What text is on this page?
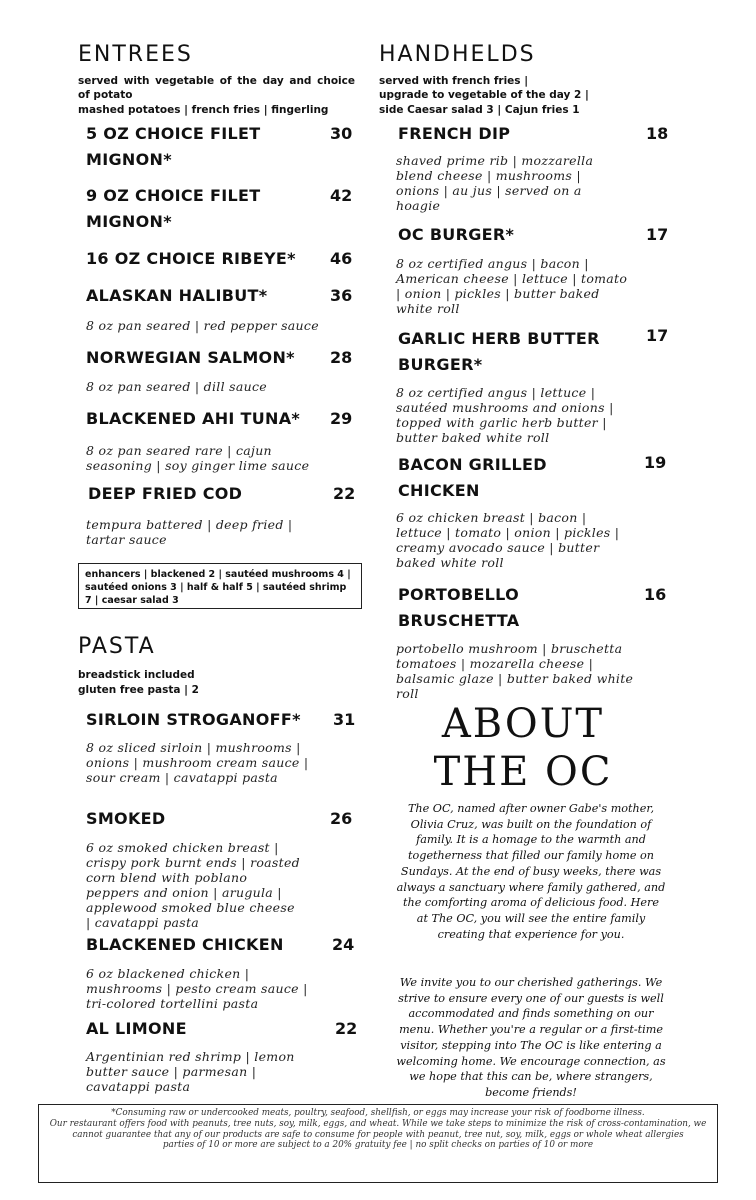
ENTREES

served with vegetable of the day and choice of potato

mashed potatoes | french fries | fingerling

5 OZ CHOICE FILET MIGNON*
30
9 OZ CHOICE FILET MIGNON*
42
16 OZ CHOICE RIBEYE*	46
ALASKAN HALIBUT*	36
8 oz pan seared | red pepper sauce
NORWEGIAN SALMON*	28
8 oz pan seared | dill sauce
BLACKENED AHI TUNA*	29
8 oz pan seared rare | cajun seasoning | soy ginger lime sauce
DEEP FRIED COD	22
tempura battered | deep fried | tartar sauce
enhancers | blackened 2 | sautéed mushrooms 4 | sautéed onions 3 | half & half 5 | sautéed shrimp 7 | caesar salad 3
PASTA

breadstick included

gluten free pasta | 2

SIRLOIN STROGANOFF*	31
8 oz sliced sirloin | mushrooms | onions | mushroom cream sauce | sour cream | cavatappi pasta
SMOKED	26
6 oz smoked chicken breast | crispy pork burnt ends | roasted corn blend with poblano peppers and onion | arugula | applewood smoked blue cheese | cavatappi pasta
BLACKENED CHICKEN	24
6 oz blackened chicken | mushrooms | pesto cream sauce | tri-colored tortellini pasta
AL LIMONE	22
Argentinian red shrimp | lemon butter sauce | parmesan | cavatappi pasta
HANDHELDS

served with french fries |

upgrade to vegetable of the day 2 |

side Caesar salad 3 | Cajun fries 1

FRENCH DIP	18
shaved prime rib | mozzarella blend cheese | mushrooms | onions | au jus | served on a hoagie
OC BURGER*	17
8 oz certified angus | bacon | American cheese | lettuce | tomato | onion | pickles | butter baked white roll
GARLIC HERB BUTTER BURGER*
17
8 oz certified angus | lettuce | sautéed mushrooms and onions | topped with garlic herb butter | butter baked white roll
BACON GRILLED CHICKEN
19
6 oz chicken breast | bacon | lettuce | tomato | onion | pickles | creamy avocado sauce | butter baked white roll
PORTOBELLO BRUSCHETTA
16
portobello mushroom | bruschetta tomatoes | mozarella cheese | balsamic glaze | butter baked white roll
ABOUT
THE OC
The OC, named after owner Gabe's mother, Olivia Cruz, was built on the foundation of family. It is a homage to the warmth and togetherness that filled our family home on Sundays. At the end of busy weeks, there was always a sanctuary where family gathered, and the comforting aroma of delicious food. Here at The OC, you will see the entire family creating that experience for you.
We invite you to our cherished gatherings. We strive to ensure every one of our guests is well accommodated and finds something on our menu. Whether you're a regular or a first-time visitor, stepping into The OC is like entering a welcoming home. We encourage connection, as we hope that this can be, where strangers, become friends!
*Consuming raw or undercooked meats, poultry, seafood, shellfish, or eggs may increase your risk of foodborne illness.
Our restaurant offers food with peanuts, tree nuts, soy, milk, eggs, and wheat. While we take steps to minimize the risk of cross-contamination, we cannot guarantee that any of our products are safe to consume for people with peanut, tree nut, soy, milk, eggs or whole wheat allergies
parties of 10 or more are subject to a 20% gratuity fee | no split checks on parties of 10 or more
